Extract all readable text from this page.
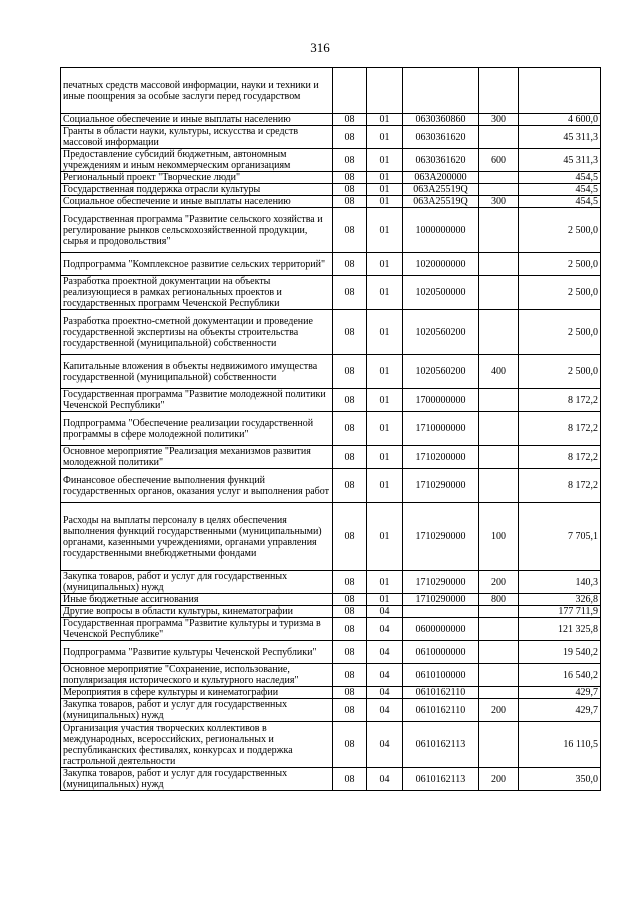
316
печатных средств массовой информации, науки и техники и иные поощрения за особые заслуги перед государством					
Социальное обеспечение и иные выплаты населению	08	01	0630360860	300	4 600,0
Гранты в области науки, культуры, искусства и средств массовой информации	08	01	0630361620		45 311,3
Предоставление субсидий бюджетным, автономным учреждениям и иным некоммерческим организациям	08	01	0630361620	600	45 311,3
Региональный проект "Творческие люди"	08	01	063A200000		454,5
Государственная поддержка отрасли культуры	08	01	063A25519Q		454,5
Социальное обеспечение и иные выплаты населению	08	01	063A25519Q	300	454,5
Государственная программа "Развитие сельского хозяйства и регулирование рынков сельскохозяйственной продукции, сырья и продовольствия"	08	01	1000000000		2 500,0
Подпрограмма "Комплексное развитие сельских территорий"	08	01	1020000000		2 500,0
Разработка проектной документации на объекты реализующиеся в рамках региональных проектов и государственных программ Чеченской Республики	08	01	1020500000		2 500,0
Разработка проектно-сметной документации и проведение государственной экспертизы на объекты строительства государственной (муниципальной) собственности	08	01	1020560200		2 500,0
Капитальные вложения в объекты недвижимого имущества государственной (муниципальной) собственности	08	01	1020560200	400	2 500,0
Государственная программа "Развитие молодежной политики Чеченской Республики"	08	01	1700000000		8 172,2
Подпрограмма "Обеспечение реализации государственной программы в сфере молодежной политики"	08	01	1710000000		8 172,2
Основное мероприятие "Реализация механизмов развития молодежной политики"	08	01	1710200000		8 172,2
Финансовое обеспечение выполнения функций государственных органов, оказания услуг и выполнения работ	08	01	1710290000		8 172,2
Расходы на выплаты персоналу в целях обеспечения выполнения функций государственными (муниципальными) органами, казенными учреждениями, органами управления государственными внебюджетными фондами	08	01	1710290000	100	7 705,1
Закупка товаров, работ и услуг для государственных (муниципальных) нужд	08	01	1710290000	200	140,3
Иные бюджетные ассигнования	08	01	1710290000	800	326,8
Другие вопросы в области культуры, кинематографии	08	04			177 711,9
Государственная программа "Развитие культуры и туризма в Чеченской Республике"	08	04	0600000000		121 325,8
Подпрограмма "Развитие культуры Чеченской Республики"	08	04	0610000000		19 540,2
Основное мероприятие "Сохранение, использование, популяризация исторического и культурного наследия"	08	04	0610100000		16 540,2
Мероприятия в сфере культуры и кинематографии	08	04	0610162110		429,7
Закупка товаров, работ и услуг для государственных (муниципальных) нужд	08	04	0610162110	200	429,7
Организация участия творческих коллективов в международных, всероссийских, региональных и республиканских фестивалях, конкурсах и поддержка гастрольной деятельности	08	04	0610162113		16 110,5
Закупка товаров, работ и услуг для государственных (муниципальных) нужд	08	04	0610162113	200	350,0
